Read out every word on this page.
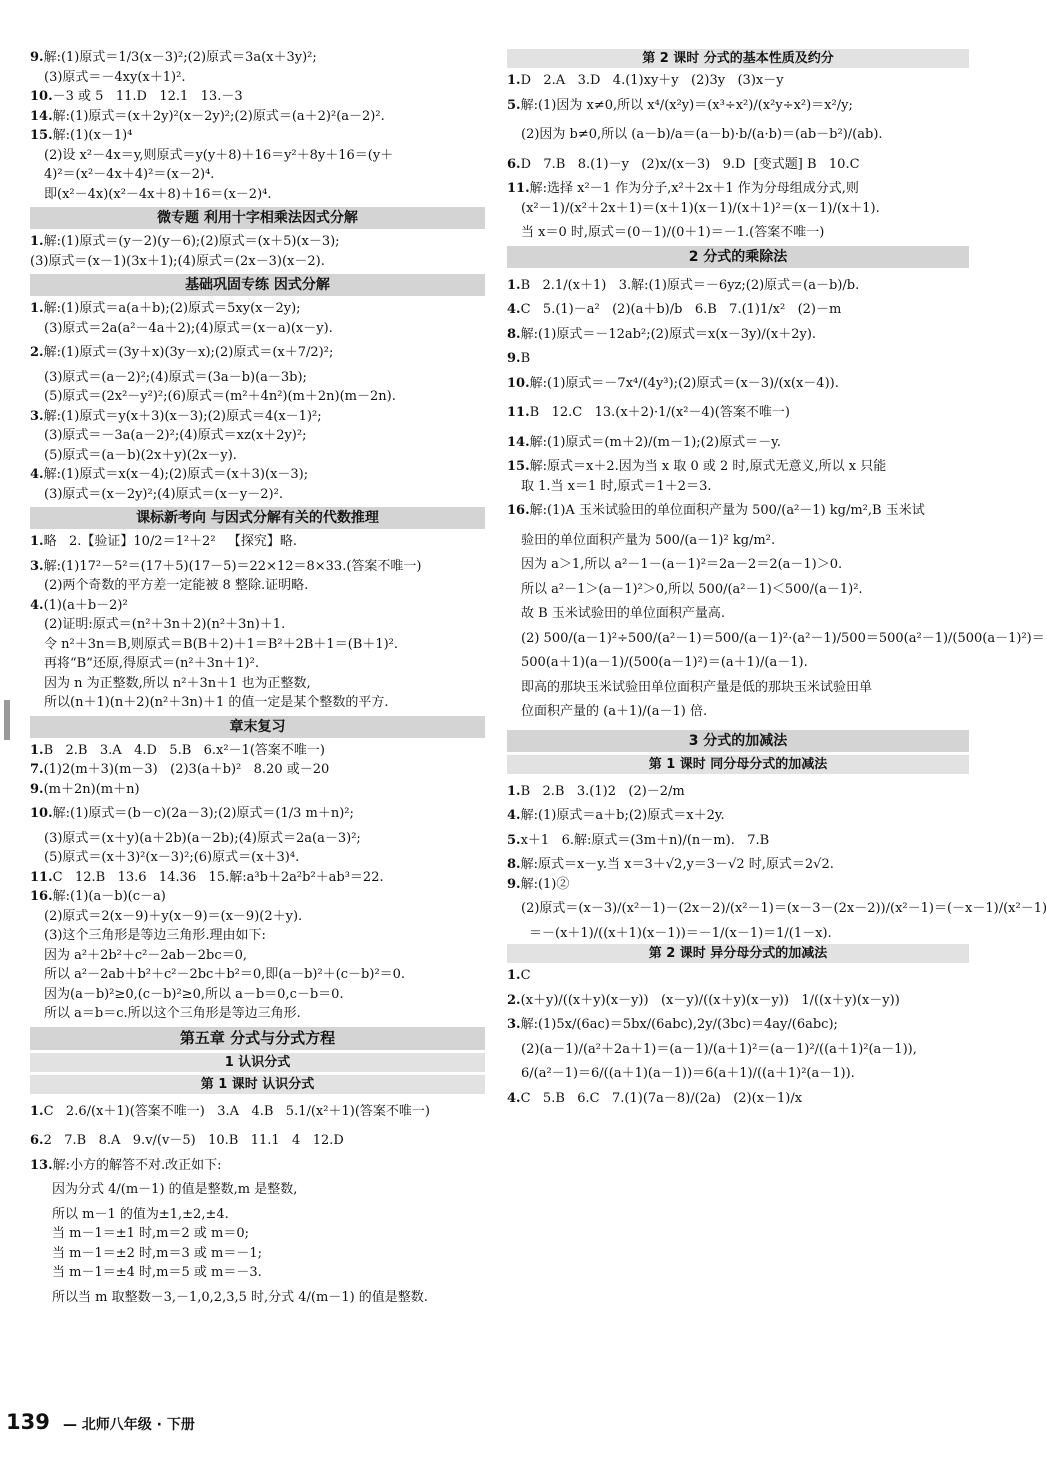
9.解:(1)原式＝1/3(x－3)²;(2)原式＝3a(x＋3y)²;
(3)原式＝－4xy(x＋1)².
10.－3 或 5   11.D   12.1   13.－3
14.解:(1)原式＝(x＋2y)²(x－2y)²;(2)原式＝(a＋2)²(a－2)².
15.解:(1)(x－1)⁴
(2)设 x²－4x＝y,则原式＝y(y＋8)＋16＝y²＋8y＋16＝(y＋
4)²＝(x²－4x＋4)²＝(x－2)⁴.
即(x²－4x)(x²－4x＋8)＋16＝(x－2)⁴.
微专题 利用十字相乘法因式分解
1.解:(1)原式＝(y－2)(y－6);(2)原式＝(x＋5)(x－3);
(3)原式＝(x－1)(3x＋1);(4)原式＝(2x－3)(x－2).
基础巩固专练 因式分解
1.解:(1)原式＝a(a＋b);(2)原式＝5xy(x－2y);
(3)原式＝2a(a²－4a＋2);(4)原式＝(x－a)(x－y).
2.解:(1)原式＝(3y＋x)(3y－x);(2)原式＝(x＋7/2)²;
(3)原式＝(a－2)²;(4)原式＝(3a－b)(a－3b);
(5)原式＝(2x²－y²)²;(6)原式＝(m²＋4n²)(m＋2n)(m－2n).
3.解:(1)原式＝y(x＋3)(x－3);(2)原式＝4(x－1)²;
(3)原式＝－3a(a－2)²;(4)原式＝xz(x＋2y)²;
(5)原式＝(a－b)(2x＋y)(2x－y).
4.解:(1)原式＝x(x－4);(2)原式＝(x＋3)(x－3);
(3)原式＝(x－2y)²;(4)原式＝(x－y－2)².
课标新考向 与因式分解有关的代数推理
1.略   2.【验证】10/2＝1²＋2²   【探究】略.
3.解:(1)17²－5²＝(17＋5)(17－5)＝22×12＝8×33.(答案不唯一)
(2)两个奇数的平方差一定能被 8 整除.证明略.
4.(1)(a＋b－2)²
(2)证明:原式＝(n²＋3n＋2)(n²＋3n)＋1.
令 n²＋3n＝B,则原式＝B(B＋2)＋1＝B²＋2B＋1＝(B＋1)².
再将“B”还原,得原式＝(n²＋3n＋1)².
因为 n 为正整数,所以 n²＋3n＋1 也为正整数,
所以(n＋1)(n＋2)(n²＋3n)＋1 的值一定是某个整数的平方.
章末复习
1.B   2.B   3.A   4.D   5.B   6.x²－1(答案不唯一)
7.(1)2(m＋3)(m－3)   (2)3(a＋b)²   8.20 或－20
9.(m＋2n)(m＋n)
10.解:(1)原式＝(b－c)(2a－3);(2)原式＝(1/3 m＋n)²;
(3)原式＝(x＋y)(a＋2b)(a－2b);(4)原式＝2a(a－3)²;
(5)原式＝(x＋3)²(x－3)²;(6)原式＝(x＋3)⁴.
11.C   12.B   13.6   14.36   15.解:a³b＋2a²b²＋ab³＝22.
16.解:(1)(a－b)(c－a)
(2)原式＝2(x－9)＋y(x－9)＝(x－9)(2＋y).
(3)这个三角形是等边三角形.理由如下:
因为 a²＋2b²＋c²－2ab－2bc＝0,
所以 a²－2ab＋b²＋c²－2bc＋b²＝0,即(a－b)²＋(c－b)²＝0.
因为(a－b)²≥0,(c－b)²≥0,所以 a－b＝0,c－b＝0.
所以 a＝b＝c.所以这个三角形是等边三角形.
第五章 分式与分式方程
1 认识分式
第 1 课时 认识分式
1.C   2.6/(x＋1)(答案不唯一)   3.A   4.B   5.1/(x²＋1)(答案不唯一)
6.2   7.B   8.A   9.v/(v－5)   10.B   11.1   4   12.D
13.解:小方的解答不对.改正如下:
因为分式 4/(m－1) 的值是整数,m 是整数,
所以 m－1 的值为±1,±2,±4.
当 m－1＝±1 时,m＝2 或 m＝0;
当 m－1＝±2 时,m＝3 或 m＝－1;
当 m－1＝±4 时,m＝5 或 m＝－3.
所以当 m 取整数－3,－1,0,2,3,5 时,分式 4/(m－1) 的值是整数.
第 2 课时 分式的基本性质及约分
1.D   2.A   3.D   4.(1)xy＋y   (2)3y   (3)x－y
5.解:(1)因为 x≠0,所以 x⁴/(x²y)＝(x³÷x²)/(x²y÷x²)＝x²/y;
(2)因为 b≠0,所以 (a－b)/a＝(a－b)·b/(a·b)＝(ab－b²)/(ab).
6.D   7.B   8.(1)－y   (2)x/(x－3)   9.D  [变式题] B   10.C
11.解:选择 x²－1 作为分子,x²＋2x＋1 作为分母组成分式,则
(x²－1)/(x²＋2x＋1)＝(x＋1)(x－1)/(x＋1)²＝(x－1)/(x＋1).
当 x＝0 时,原式＝(0－1)/(0＋1)＝－1.(答案不唯一)
2 分式的乘除法
1.B   2.1/(x＋1)   3.解:(1)原式＝－6yz;(2)原式＝(a－b)/b.
4.C   5.(1)－a²   (2)(a＋b)/b   6.B   7.(1)1/x²   (2)－m
8.解:(1)原式＝－12ab²;(2)原式＝x(x－3y)/(x＋2y).
9.B
10.解:(1)原式＝－7x⁴/(4y³);(2)原式＝(x－3)/(x(x－4)).
11.B   12.C   13.(x＋2)·1/(x²－4)(答案不唯一)
14.解:(1)原式＝(m＋2)/(m－1);(2)原式＝－y.
15.解:原式＝x＋2.因为当 x 取 0 或 2 时,原式无意义,所以 x 只能
取 1.当 x＝1 时,原式＝1＋2＝3.
16.解:(1)A 玉米试验田的单位面积产量为 500/(a²－1) kg/m²,B 玉米试
验田的单位面积产量为 500/(a－1)² kg/m².
因为 a＞1,所以 a²－1－(a－1)²＝2a－2＝2(a－1)＞0.
所以 a²－1＞(a－1)²＞0,所以 500/(a²－1)＜500/(a－1)².
故 B 玉米试验田的单位面积产量高.
(2) 500/(a－1)²÷500/(a²－1)＝500/(a－1)²·(a²－1)/500＝500(a²－1)/(500(a－1)²)＝
500(a＋1)(a－1)/(500(a－1)²)＝(a＋1)/(a－1).
即高的那块玉米试验田单位面积产量是低的那块玉米试验田单
位面积产量的 (a＋1)/(a－1) 倍.
3 分式的加减法
第 1 课时 同分母分式的加减法
1.B   2.B   3.(1)2   (2)－2/m
4.解:(1)原式＝a＋b;(2)原式＝x＋2y.
5.x＋1   6.解:原式＝(3m＋n)/(n－m).   7.B
8.解:原式＝x－y.当 x＝3＋√2,y＝3－√2 时,原式＝2√2.
9.解:(1)②
(2)原式＝(x－3)/(x²－1)－(2x－2)/(x²－1)＝(x－3－(2x－2))/(x²－1)＝(－x－1)/(x²－1)
＝－(x＋1)/((x＋1)(x－1))＝－1/(x－1)＝1/(1－x).
第 2 课时 异分母分式的加减法
1.C
2.(x＋y)/((x＋y)(x－y))   (x－y)/((x＋y)(x－y))   1/((x＋y)(x－y))
3.解:(1)5x/(6ac)＝5bx/(6abc),2y/(3bc)＝4ay/(6abc);
(2)(a－1)/(a²＋2a＋1)＝(a－1)/(a＋1)²＝(a－1)²/((a＋1)²(a－1)),
6/(a²－1)＝6/((a＋1)(a－1))＝6(a＋1)/((a＋1)²(a－1)).
4.C   5.B   6.C   7.(1)(7a－8)/(2a)   (2)(x－1)/x
139 — 北师八年级 · 下册
